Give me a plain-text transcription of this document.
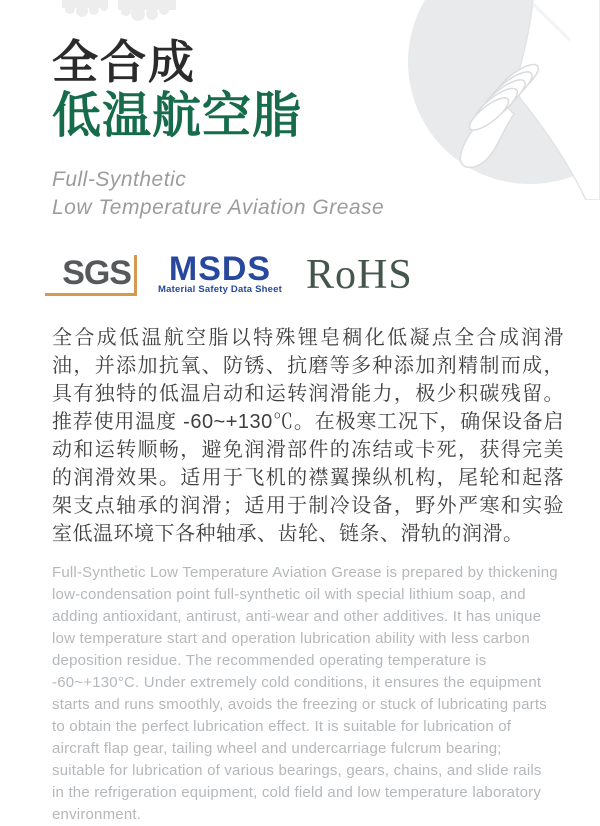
全合成
低温航空脂
Full-Synthetic
Low Temperature Aviation Grease
SGS	MSDS
Material Safety Data Sheet RoHS

全合成低温航空脂以特殊锂皂稠化低凝点全合成润滑油，并添加抗氧、防锈、抗磨等多种添加剂精制而成，具有独特的低温启动和运转润滑能力，极少积碳残留。推荐使用温度 -60~+130℃。在极寒工况下，确保设备启动和运转顺畅，避免润滑部件的冻结或卡死，获得完美的润滑效果。适用于飞机的襟翼操纵机构，尾轮和起落架支点轴承的润滑；适用于制冷设备，野外严寒和实验室低温环境下各种轴承、齿轮、链条、滑轨的润滑。

Full-Synthetic Low Temperature Aviation Grease is prepared by thickening low-condensation point full-synthetic oil with special lithium soap, and adding antioxidant, antirust, anti-wear and other additives. It has unique low temperature start and operation lubrication ability with less carbon deposition residue. The recommended operating temperature is -60~+130°C. Under extremely cold conditions, it ensures the equipment starts and runs smoothly, avoids the freezing or stuck of lubricating parts to obtain the perfect lubrication effect. It is suitable for lubrication of aircraft flap gear, tailing wheel and undercarriage fulcrum bearing; suitable for lubrication of various bearings, gears, chains, and slide rails in the refrigeration equipment, cold field and low temperature laboratory environment.
